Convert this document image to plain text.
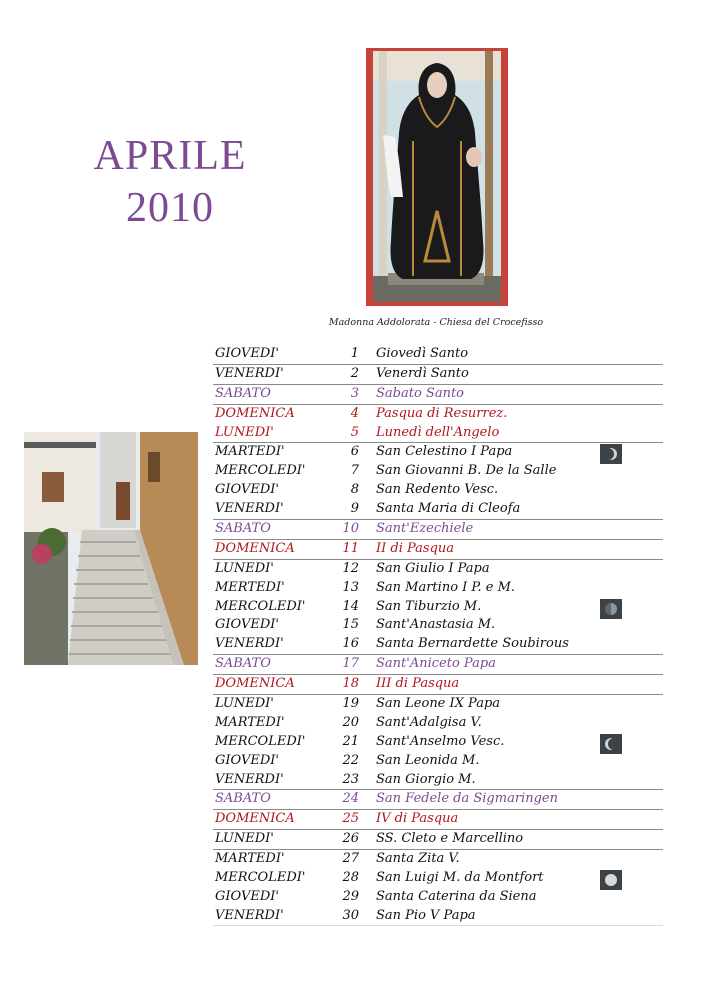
APRILE
2010
Madonna Addolorata - Chiesa del Crocefisso
GIOVEDI'	1 Giovedì Santo
VENERDI'	2 Venerdì Santo
SABATO	3 Sabato Santo
DOMENICA	4 Pasqua di Resurrez.
LUNEDI'	5 Lunedì dell'Angelo
MARTEDI'	6 San Celestino I Papa
MERCOLEDI'	7 San Giovanni B. De la Salle
GIOVEDI'	8 San Redento Vesc.
VENERDI'	9 Santa Maria di Cleofa
SABATO	10 Sant'Ezechiele
DOMENICA	11 II di Pasqua
LUNEDI'	12 San Giulio I Papa
MERTEDI'	13 San Martino I P. e M.
MERCOLEDI'	14 San Tiburzio M.
GIOVEDI'	15 Sant'Anastasia M.
VENERDI'	16 Santa Bernardette Soubirous
SABATO	17 Sant'Aniceto Papa
DOMENICA	18 III di Pasqua
LUNEDI'	19 San Leone IX Papa
MARTEDI'	20 Sant'Adalgisa V.
MERCOLEDI'	21 Sant'Anselmo Vesc.
GIOVEDI'	22 San Leonida M.
VENERDI'	23 San Giorgio M.
SABATO	24 San Fedele da Sigmaringen
DOMENICA	25 IV di Pasqua
LUNEDI'	26 SS. Cleto e Marcellino
MARTEDI'	27 Santa Zita V.
MERCOLEDI'	28 San Luigi M. da Montfort
GIOVEDI'	29 Santa Caterina da Siena
VENERDI'	30 San Pio V Papa
